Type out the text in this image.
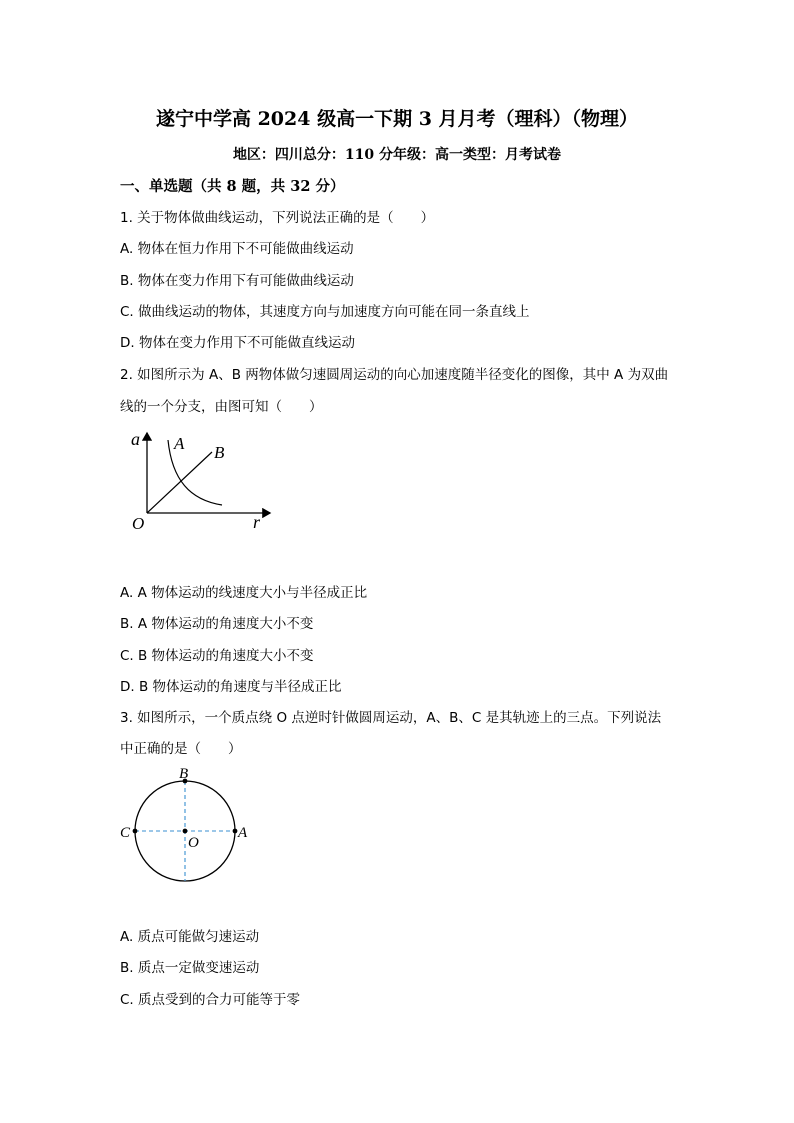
遂宁中学高 2024 级高一下期 3 月月考（理科）（物理）
地区：四川总分：110 分年级：高一类型：月考试卷
一、单选题（共 8 题，共 32 分）
1. 关于物体做曲线运动，下列说法正确的是（　　）
A. 物体在恒力作用下不可能做曲线运动
B. 物体在变力作用下有可能做曲线运动
C. 做曲线运动的物体，其速度方向与加速度方向可能在同一条直线上
D. 物体在变力作用下不可能做直线运动
2. 如图所示为 A、B 两物体做匀速圆周运动的向心加速度随半径变化的图像，其中 A 为双曲
线的一个分支，由图可知（　　）
a A B
O	r
A. A 物体运动的线速度大小与半径成正比
B. A 物体运动的角速度大小不变
C. B 物体运动的角速度大小不变
D. B 物体运动的角速度与半径成正比
3. 如图所示，一个质点绕 O 点逆时针做圆周运动，A、B、C 是其轨迹上的三点。下列说法
中正确的是（　　）
B
C	A
O
A. 质点可能做匀速运动
B. 质点一定做变速运动
C. 质点受到的合力可能等于零
